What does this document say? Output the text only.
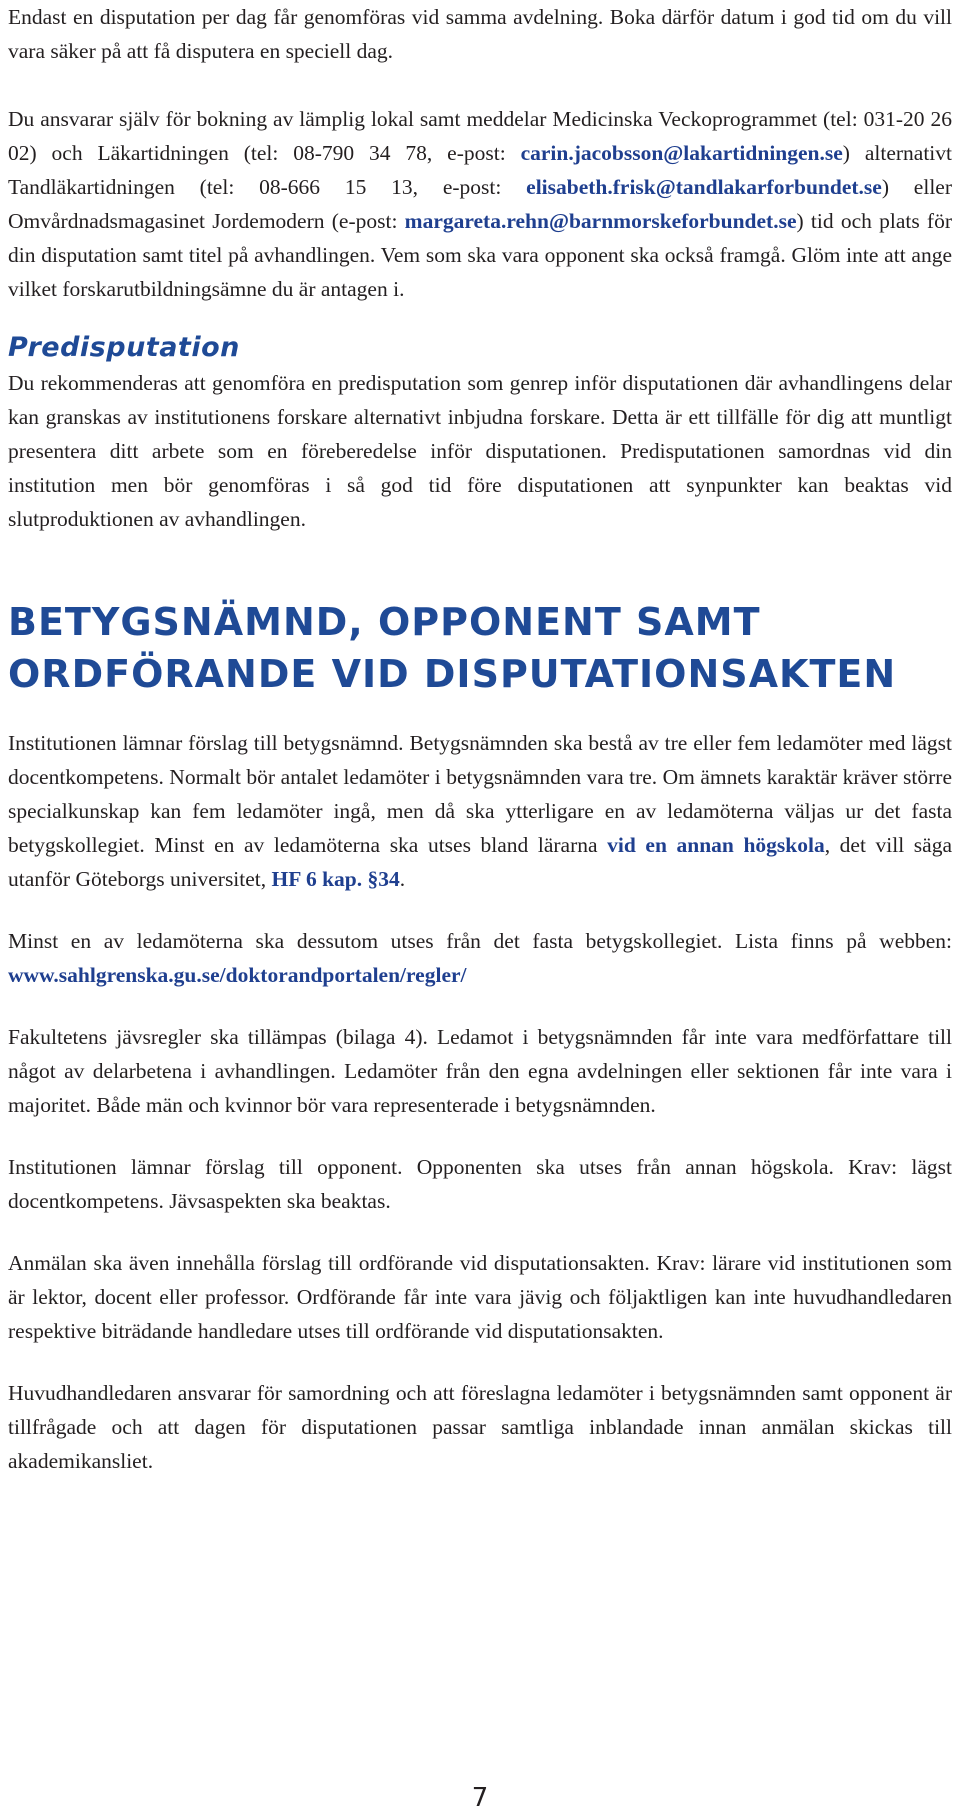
Endast en disputation per dag får genomföras vid samma avdelning. Boka därför datum i god tid om du vill vara säker på att få disputera en speciell dag.

Du ansvarar själv för bokning av lämplig lokal samt meddelar Medicinska Veckoprogrammet (tel: 031-20 26 02) och Läkartidningen (tel: 08-790 34 78, e-post: carin.jacobsson@lakartidningen.se) alternativt Tandläkartidningen (tel: 08-666 15 13, e-post: elisabeth.frisk@tandlakarforbundet.se) eller Omvårdnadsmagasinet Jordemodern (e-post: margareta.rehn@barnmorskeforbundet.se) tid och plats för din disputation samt titel på avhandlingen. Vem som ska vara opponent ska också framgå. Glöm inte att ange vilket forskarutbildningsämne du är antagen i.

Predisputation

Du rekommenderas att genomföra en predisputation som genrep inför disputationen där avhandlingens delar kan granskas av institutionens forskare alternativt inbjudna forskare. Detta är ett tillfälle för dig att muntligt presentera ditt arbete som en föreberedelse inför disputationen. Predisputationen samordnas vid din institution men bör genomföras i så god tid före disputationen att synpunkter kan beaktas vid slutproduktionen av avhandlingen.

BETYGSNÄMND, OPPONENT SAMT
ORDFÖRANDE VID DISPUTATIONSAKTEN

Institutionen lämnar förslag till betygsnämnd. Betygsnämnden ska bestå av tre eller fem ledamöter med lägst docentkompetens. Normalt bör antalet ledamöter i betygsnämnden vara tre. Om ämnets karaktär kräver större specialkunskap kan fem ledamöter ingå, men då ska ytterligare en av ledamöterna väljas ur det fasta betygskollegiet. Minst en av ledamöterna ska utses bland lärarna vid en annan högskola, det vill säga utanför Göteborgs universitet, HF 6 kap. §34.

Minst en av ledamöterna ska dessutom utses från det fasta betygskollegiet. Lista finns på webben: www.sahlgrenska.gu.se/doktorandportalen/regler/

Fakultetens jävsregler ska tillämpas (bilaga 4). Ledamot i betygsnämnden får inte vara medförfattare till något av delarbetena i avhandlingen. Ledamöter från den egna avdelningen eller sektionen får inte vara i majoritet. Både män och kvinnor bör vara representerade i betygsnämnden.

Institutionen lämnar förslag till opponent. Opponenten ska utses från annan högskola. Krav: lägst docentkompetens. Jävsaspekten ska beaktas.

Anmälan ska även innehålla förslag till ordförande vid disputationsakten. Krav: lärare vid institutionen som är lektor, docent eller professor. Ordförande får inte vara jävig och följaktligen kan inte huvudhandledaren respektive biträdande handledare utses till ordförande vid disputationsakten.

Huvudhandledaren ansvarar för samordning och att föreslagna ledamöter i betygsnämnden samt opponent är tillfrågade och att dagen för disputationen passar samtliga inblandade innan anmälan skickas till akademikansliet.

7
